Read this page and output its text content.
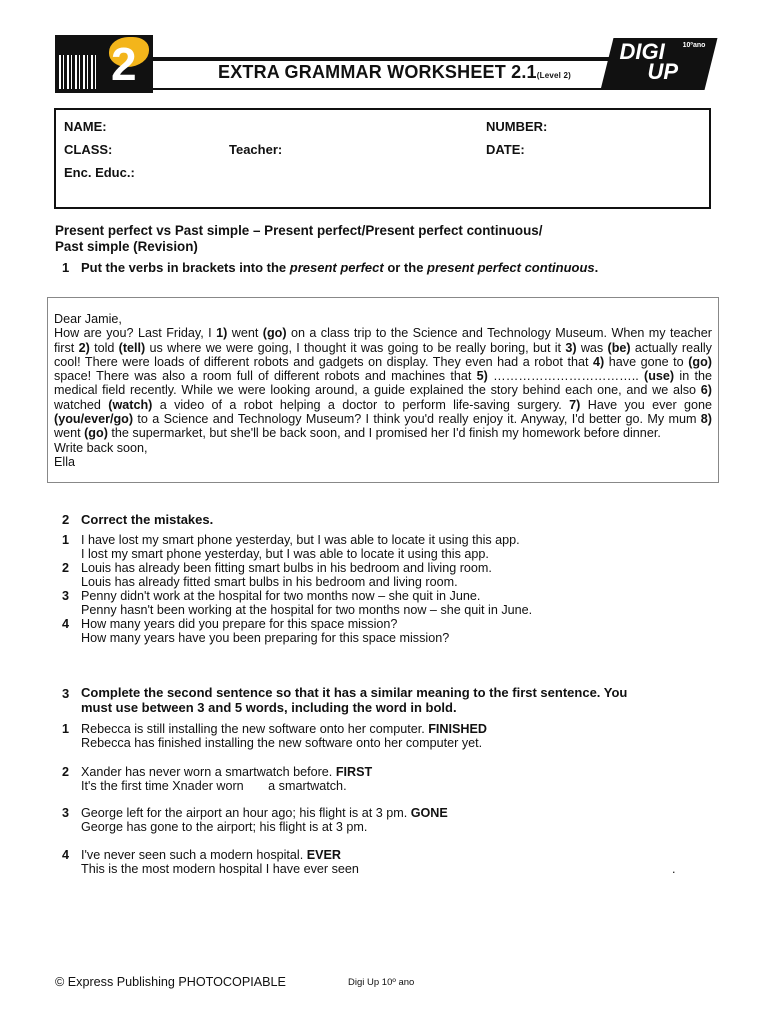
2	EXTRA GRAMMAR WORKSHEET 2.1(Level 2)
DIGI
UP
10ºano
NAME:	NUMBER:
CLASS:	Teacher:	DATE:
Enc. Educ.:
Present perfect vs Past simple – Present perfect/Present perfect continuous/
Past simple (Revision)
1 Put the verbs in brackets into the present perfect or the present perfect continuous.

Dear Jamie,

How are you? Last Friday, I 1) went (go) on a class trip to the Science and Technology Museum. When my teacher first 2) told (tell) us where we were going, I thought it was going to be really boring, but it 3) was (be) actually really cool! There were loads of different robots and gadgets on display. They even had a robot that 4) have gone to (go) space! There was also a room full of different robots and machines that 5) …………………………….. (use) in the medical field recently. While we were looking around, a guide explained the story behind each one, and we also 6) watched (watch) a video of a robot helping a doctor to perform life-saving surgery. 7) Have you ever gone (you/ever/go) to a Science and Technology Museum? I think you'd really enjoy it. Anyway, I'd better go. My mum 8) went (go) the supermarket, but she'll be back soon, and I promised her I'd finish my homework before dinner.

Write back soon,

Ella

2 Correct the mistakes.
1 I have lost my smart phone yesterday, but I was able to locate it using this app.
I lost my smart phone yesterday, but I was able to locate it using this app.
2 Louis has already been fitting smart bulbs in his bedroom and living room.
Louis has already fitted smart bulbs in his bedroom and living room.
3 Penny didn't work at the hospital for two months now – she quit in June.
Penny hasn't been working at the hospital for two months now – she quit in June.
4 How many years did you prepare for this space mission?
How many years have you been preparing for this space mission?
3 Complete the second sentence so that it has a similar meaning to the first sentence. You
must use between 3 and 5 words, including the word in bold.
1 Rebecca is still installing the new software onto her computer. FINISHED
Rebecca has finished installing the new software onto her computer yet.
2 Xander has never worn a smartwatch before. FIRST
It's the first time Xnader worn       a smartwatch.
3 George left for the airport an hour ago; his flight is at 3 pm. GONE
George has gone to the airport; his flight is at 3 pm.
4 I've never seen such a modern hospital. EVER
This is the most modern hospital I have ever seen	.
© Express Publishing PHOTOCOPIABLE	Digi Up 10º ano
